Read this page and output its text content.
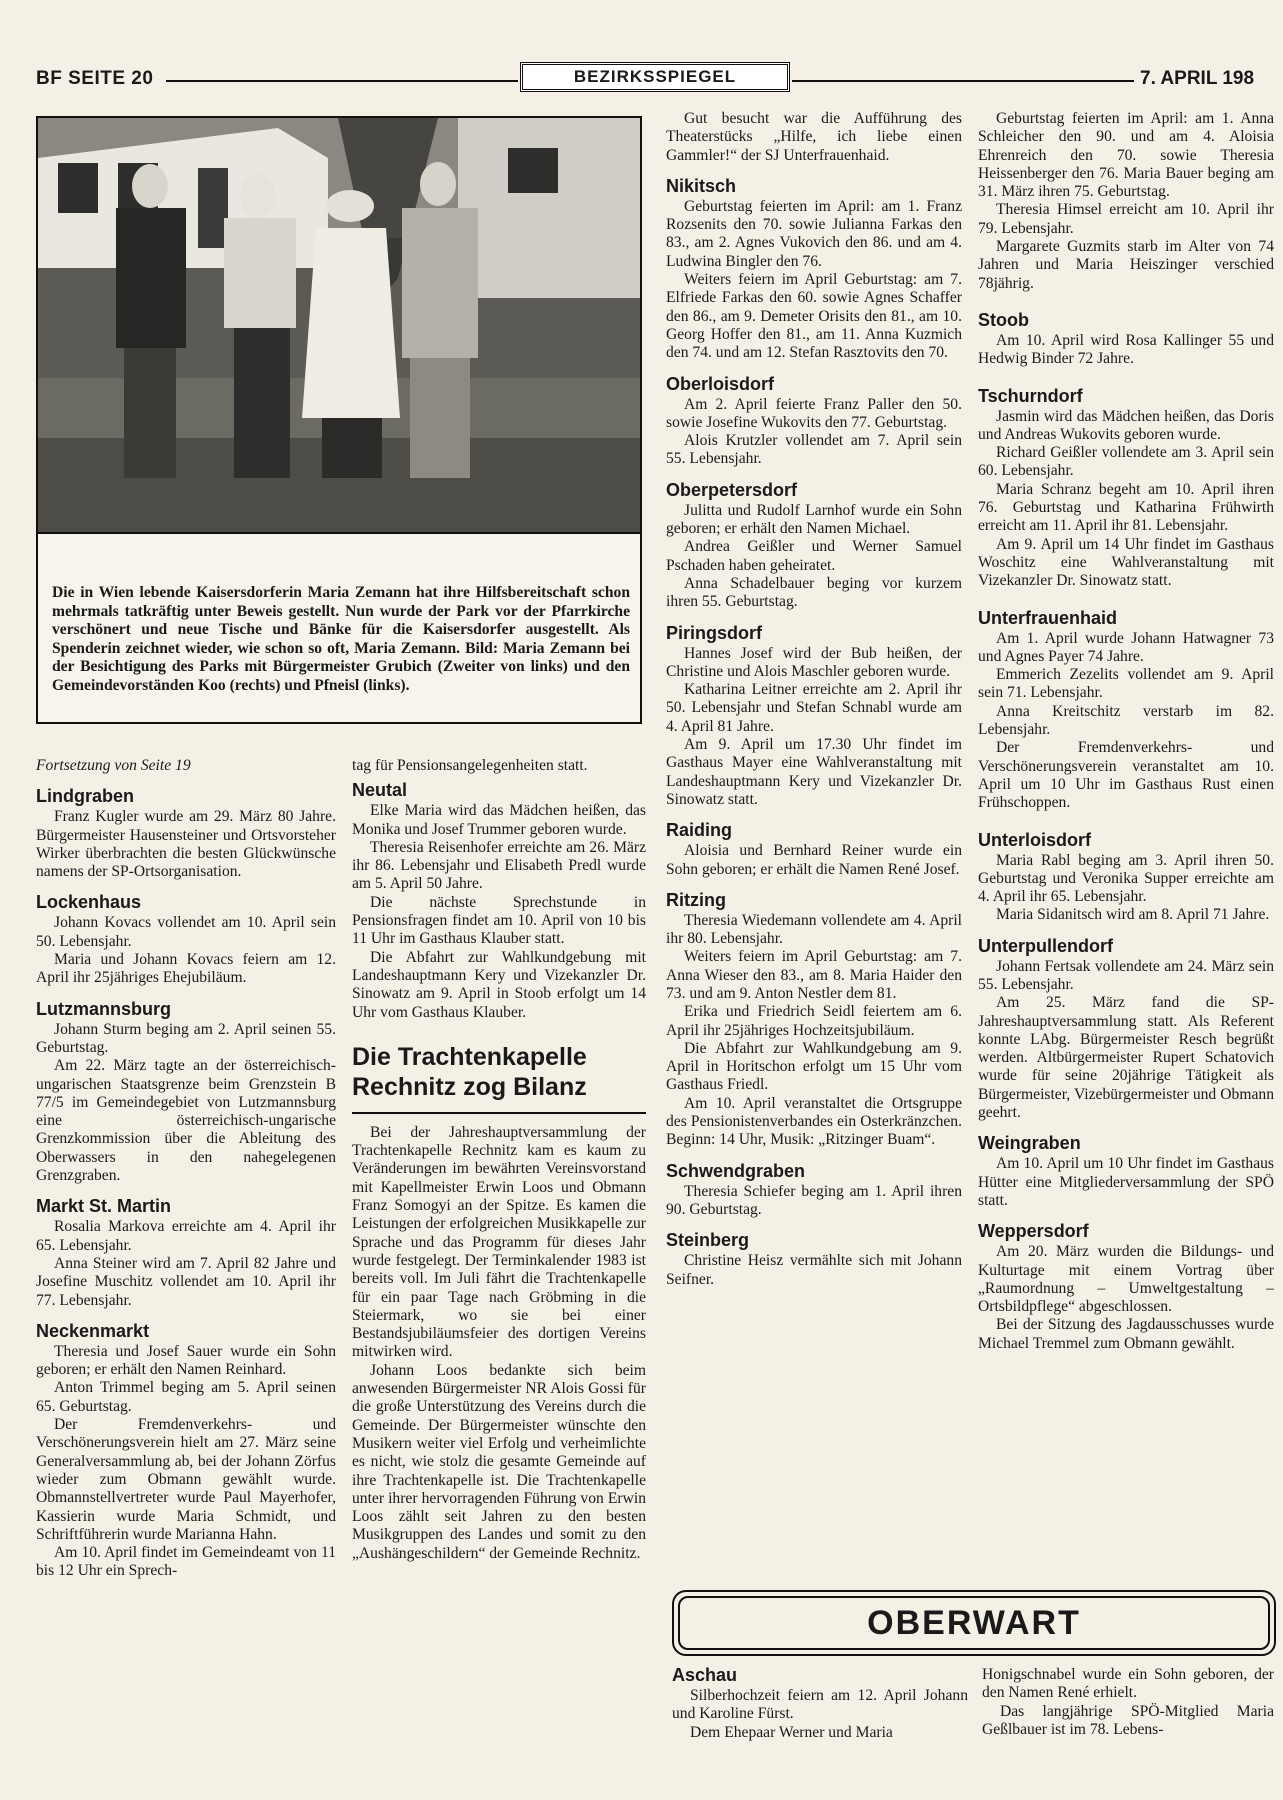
BF SEITE 20	BEZIRKSSPIEGEL	7. APRIL 198
Die in Wien lebende Kaisersdorferin Maria Zemann hat ihre Hilfsbereitschaft schon mehrmals tatkräftig unter Beweis gestellt. Nun wurde der Park vor der Pfarrkirche verschönert und neue Tische und Bänke für die Kaisersdorfer ausgestellt. Als Spenderin zeichnet wieder, wie schon so oft, Maria Zemann. Bild: Maria Zemann bei der Besichtigung des Parks mit Bürgermeister Grubich (Zweiter von links) und den Gemeindevorständen Koo (rechts) und Pfneisl (links).
Fortsetzung von Seite 19
Lindgraben

Franz Kugler wurde am 29. März 80 Jahre. Bürgermeister Hausensteiner und Ortsvorsteher Wirker überbrachten die besten Glückwünsche namens der SP-Ortsorganisation.

Lockenhaus

Johann Kovacs vollendet am 10. April sein 50. Lebensjahr.

Maria und Johann Kovacs feiern am 12. April ihr 25jähriges Ehejubiläum.

Lutzmannsburg

Johann Sturm beging am 2. April seinen 55. Geburtstag.

Am 22. März tagte an der österreichisch-ungarischen Staatsgrenze beim Grenzstein B 77/5 im Gemeindegebiet von Lutzmannsburg eine österreichisch-ungarische Grenzkommission über die Ableitung des Oberwassers in den nahegelegenen Grenzgraben.

Markt St. Martin

Rosalia Markova erreichte am 4. April ihr 65. Lebensjahr.

Anna Steiner wird am 7. April 82 Jahre und Josefine Muschitz vollendet am 10. April ihr 77. Lebensjahr.

Neckenmarkt

Theresia und Josef Sauer wurde ein Sohn geboren; er erhält den Namen Reinhard.

Anton Trimmel beging am 5. April seinen 65. Geburtstag.

Der Fremdenverkehrs- und Verschönerungsverein hielt am 27. März seine Generalversammlung ab, bei der Johann Zörfus wieder zum Obmann gewählt wurde. Obmannstellvertreter wurde Paul Mayerhofer, Kassierin wurde Maria Schmidt, und Schriftführerin wurde Marianna Hahn.

Am 10. April findet im Gemeindeamt von 11 bis 12 Uhr ein Sprech-

tag für Pensionsangelegenheiten statt.

Neutal

Elke Maria wird das Mädchen heißen, das Monika und Josef Trummer geboren wurde.

Theresia Reisenhofer erreichte am 26. März ihr 86. Lebensjahr und Elisabeth Predl wurde am 5. April 50 Jahre.

Die nächste Sprechstunde in Pensionsfragen findet am 10. April von 10 bis 11 Uhr im Gasthaus Klauber statt.

Die Abfahrt zur Wahlkundgebung mit Landeshauptmann Kery und Vizekanzler Dr. Sinowatz am 9. April in Stoob erfolgt um 14 Uhr vom Gasthaus Klauber.

Die Trachtenkapelle Rechnitz zog Bilanz

Bei der Jahreshauptversammlung der Trachtenkapelle Rechnitz kam es kaum zu Veränderungen im bewährten Vereinsvorstand mit Kapellmeister Erwin Loos und Obmann Franz Somogyi an der Spitze. Es kamen die Leistungen der erfolgreichen Musikkapelle zur Sprache und das Programm für dieses Jahr wurde festgelegt. Der Terminkalender 1983 ist bereits voll. Im Juli fährt die Trachtenkapelle für ein paar Tage nach Gröbming in die Steiermark, wo sie bei einer Bestandsjubiläumsfeier des dortigen Vereins mitwirken wird.

Johann Loos bedankte sich beim anwesenden Bürgermeister NR Alois Gossi für die große Unterstützung des Vereins durch die Gemeinde. Der Bürgermeister wünschte den Musikern weiter viel Erfolg und verheimlichte es nicht, wie stolz die gesamte Gemeinde auf ihre Trachtenkapelle ist. Die Trachtenkapelle unter ihrer hervorragenden Führung von Erwin Loos zählt seit Jahren zu den besten Musikgruppen des Landes und somit zu den „Aushängeschildern“ der Gemeinde Rechnitz.

Gut besucht war die Aufführung des Theaterstücks „Hilfe, ich liebe einen Gammler!“ der SJ Unterfrauenhaid.

Nikitsch

Geburtstag feierten im April: am 1. Franz Rozsenits den 70. sowie Julianna Farkas den 83., am 2. Agnes Vukovich den 86. und am 4. Ludwina Bingler den 76.

Weiters feiern im April Geburtstag: am 7. Elfriede Farkas den 60. sowie Agnes Schaffer den 86., am 9. Demeter Orisits den 81., am 10. Georg Hoffer den 81., am 11. Anna Kuzmich den 74. und am 12. Stefan Rasztovits den 70.

Oberloisdorf

Am 2. April feierte Franz Paller den 50. sowie Josefine Wukovits den 77. Geburtstag.

Alois Krutzler vollendet am 7. April sein 55. Lebensjahr.

Oberpetersdorf

Julitta und Rudolf Larnhof wurde ein Sohn geboren; er erhält den Namen Michael.

Andrea Geißler und Werner Samuel Pschaden haben geheiratet.

Anna Schadelbauer beging vor kurzem ihren 55. Geburtstag.

Piringsdorf

Hannes Josef wird der Bub heißen, der Christine und Alois Maschler geboren wurde.

Katharina Leitner erreichte am 2. April ihr 50. Lebensjahr und Stefan Schnabl wurde am 4. April 81 Jahre.

Am 9. April um 17.30 Uhr findet im Gasthaus Mayer eine Wahlveranstaltung mit Landeshauptmann Kery und Vizekanzler Dr. Sinowatz statt.

Raiding

Aloisia und Bernhard Reiner wurde ein Sohn geboren; er erhält die Namen René Josef.

Ritzing

Theresia Wiedemann vollendete am 4. April ihr 80. Lebensjahr.

Weiters feiern im April Geburtstag: am 7. Anna Wieser den 83., am 8. Maria Haider den 73. und am 9. Anton Nestler dem 81.

Erika und Friedrich Seidl feiertem am 6. April ihr 25jähriges Hochzeitsjubiläum.

Die Abfahrt zur Wahlkundgebung am 9. April in Horitschon erfolgt um 15 Uhr vom Gasthaus Friedl.

Am 10. April veranstaltet die Ortsgruppe des Pensionistenverbandes ein Osterkränzchen. Beginn: 14 Uhr, Musik: „Ritzinger Buam“.

Schwendgraben

Theresia Schiefer beging am 1. April ihren 90. Geburtstag.

Steinberg

Christine Heisz vermählte sich mit Johann Seifner.

Geburtstag feierten im April: am 1. Anna Schleicher den 90. und am 4. Aloisia Ehrenreich den 70. sowie Theresia Heissenberger den 76. Maria Bauer beging am 31. März ihren 75. Geburtstag.

Theresia Himsel erreicht am 10. April ihr 79. Lebensjahr.

Margarete Guzmits starb im Alter von 74 Jahren und Maria Heiszinger verschied 78jährig.

Stoob

Am 10. April wird Rosa Kallinger 55 und Hedwig Binder 72 Jahre.

Tschurndorf

Jasmin wird das Mädchen heißen, das Doris und Andreas Wukovits geboren wurde.

Richard Geißler vollendete am 3. April sein 60. Lebensjahr.

Maria Schranz begeht am 10. April ihren 76. Geburtstag und Katharina Frühwirth erreicht am 11. April ihr 81. Lebensjahr.

Am 9. April um 14 Uhr findet im Gasthaus Woschitz eine Wahlveranstaltung mit Vizekanzler Dr. Sinowatz statt.

Unterfrauenhaid

Am 1. April wurde Johann Hatwagner 73 und Agnes Payer 74 Jahre.

Emmerich Zezelits vollendet am 9. April sein 71. Lebensjahr.

Anna Kreitschitz verstarb im 82. Lebensjahr.

Der Fremdenverkehrs- und Verschönerungsverein veranstaltet am 10. April um 10 Uhr im Gasthaus Rust einen Frühschoppen.

Unterloisdorf

Maria Rabl beging am 3. April ihren 50. Geburtstag und Veronika Supper erreichte am 4. April ihr 65. Lebensjahr.

Maria Sidanitsch wird am 8. April 71 Jahre.

Unterpullendorf

Johann Fertsak vollendete am 24. März sein 55. Lebensjahr.

Am 25. März fand die SP-Jahreshauptversammlung statt. Als Referent konnte LAbg. Bürgermeister Resch begrüßt werden. Altbürgermeister Rupert Schatovich wurde für seine 20jährige Tätigkeit als Bürgermeister, Vizebürgermeister und Obmann geehrt.

Weingraben

Am 10. April um 10 Uhr findet im Gasthaus Hütter eine Mitgliederversammlung der SPÖ statt.

Weppersdorf

Am 20. März wurden die Bildungs- und Kulturtage mit einem Vortrag über „Raumordnung – Umweltgestaltung – Ortsbildpflege“ abgeschlossen.

Bei der Sitzung des Jagdausschusses wurde Michael Tremmel zum Obmann gewählt.

OBERWART
Aschau

Silberhochzeit feiern am 12. April Johann und Karoline Fürst.

Dem Ehepaar Werner und Maria

Honigschnabel wurde ein Sohn geboren, der den Namen René erhielt.

Das langjährige SPÖ-Mitglied Maria Geßlbauer ist im 78. Lebens-
